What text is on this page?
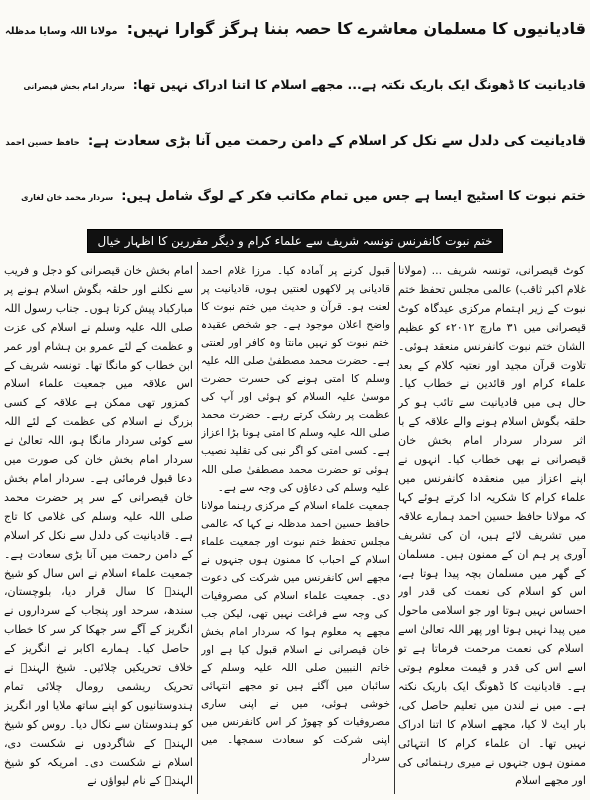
قادیانیوں کا مسلمان معاشرے کا حصہ بننا ہرگز گوارا نہیں: مولانا اللہ وسایا مدظلہ
قادیانیت کا ڈھونگ ایک باریک نکتہ ہے... مجھے اسلام کا اتنا ادراک نہیں تھا: سردار امام بخش قیصرانی
قادیانیت کی دلدل سے نکل کر اسلام کے دامن رحمت میں آنا بڑی سعادت ہے: حافظ حسین احمد
ختم نبوت کا اسٹیج ایسا ہے جس میں تمام مکاتب فکر کے لوگ شامل ہیں: سردار محمد خان لغاری
ختم نبوت کانفرنس تونسہ شریف سے علماء کرام و دیگر مقررین کا اظہار خیال
کوٹ قیصرانی، تونسہ شریف ... (مولاناغلام اکبر ثاقب) عالمی مجلس تحفظ ختم نبوت کے زیراہتمام مرکزی عیدگاہ کوٹ قیصرانی میں ۳۱ مارچ۲۰۱۲ء کو عظیم الشان ختم نبوت کانفرنس منعقد ہوئی۔تلاوت قرآن مجید اور نعتیہ کلام کے بعد علماء کراماور قائدین نے خطاب کیا۔ حال ہی میں قادیانیتسے تائب ہو کر حلقہ بگوش اسلام ہونے والے علاقہکے با اثر سردار سردار امام بخش خان قیصرانینے بھی خطاب کیا۔ انہوں نے اپنے اعزاز میںمنعقدہ کانفرنس میں علماء کرام کا شکریہ ادا کرتےہوئے کہا کہ مولانا حافظ حسین احمد ہمارے علاقہ میںتشریف لائے ہیں، ان کی تشریف آوری پر ہم انکے ممنون ہیں۔ مسلمان کے گھر میں مسلمان بچہ پیداہوتا ہے، اس کو اسلام کی نعمت کی قدر اور احساس نہیںہوتا اور جو اسلامی ماحول میں پیدا نہیں ہوتا اور پھراللہ تعالیٰ اسے اسلام کی نعمت مرحمت فرماتا ہے تواسے اس کی قدر و قیمت معلوم ہوتی ہے۔ قادیانیتکا ڈھونگ ایک باریک نکتہ ہے۔ میں نے لندن میںتعلیم حاصل کی، بار ایٹ لا کیا، مجھے اسلام کا اتناادراک نہیں تھا۔ ان علماء کرام کا انتہائی ممنونہوں جنہوں نے میری رہنمائی کی اور مجھے اسلام
قبول کرنے پر آمادہ کیا۔ مرزا غلام احمد قادیانی پرلاکھوں لعنتیں ہوں، قادیانیت پر لعنت ہو۔ قرآن وحدیث میں ختم نبوت کا واضح اعلان موجود ہے۔ جوشخص عقیدہ ختم نبوت کو نہیں مانتا وہ کافر اور لعنتیہے۔ حضرت محمد مصطفیٰ صلی اللہ علیہ وسلم کا امتی ہونےکی حسرت حضرت موسیٰ علیہ السلام کو ہوئی اور آپکی عظمت پر رشک کرتے رہے۔ حضرت محمد صلی اللہعلیہ وسلم کا امتی ہونا بڑا اعزاز ہے۔ کسی امتی کواگر نبی کی تقلید نصیب ہوئی تو حضرت محمد مصطفیٰ صلی اللہعلیہ وسلم کی دعاؤں کی وجہ سے ہے۔
جمعیت علماء اسلام کے مرکزی رہنما مولاناحافظ حسین احمد مدظلہ نے کہا کہ عالمی مجلس تحفظختم نبوت اور جمعیت علماء اسلام کے احباب کاممنون ہوں جنہوں نے مجھے اس کانفرنس میںشرکت کی دعوت دی۔ جمعیت علماء اسلام کیمصروفیات کی وجہ سے فراغت نہیں تھی، لیکن جبمجھے یہ معلوم ہوا کہ سردار امام بخش خان قیصرانینے اسلام قبول کیا ہے اور خاتم النبیین صلی اللہ علیہ وسلمکے سائبان میں آگئے ہیں تو مجھے انتہائی خوشی ہوئی،میں نے اپنی ساری مصروفیات کو چھوڑ کر اسکانفرنس میں اپنی شرکت کو سعادت سمجھا۔ میں سردار
امام بخش خان قیصرانی کو دجل و فریب سے نکلنے اورحلقہ بگوش اسلام ہونے پر مبارکباد پیش کرتا ہوں۔جناب رسول اللہ صلی اللہ علیہ وسلم نے اسلام کیعزت و عظمت کے لئے عمرو بن ہشام اور عمر ابنخطاب کو مانگا تھا۔ تونسہ شریف کے اس علاقہ میںجمعیت علماء اسلام کمزور تھی ممکن ہے علاقہ کے کسیبزرگ نے اسلام کی عظمت کے لئے اللہ سے کوئیسردار مانگا ہو، اللہ تعالیٰ نے سردار امام بخش خانکی صورت میں دعا قبول فرمائی ہے۔ سردار امام بخشخان قیصرانی کے سر پر حضرت محمد صلی اللہ علیہ وسلم کیغلامی کا تاج ہے۔ قادیانیت کی دلدل سے نکل کراسلام کے دامن رحمت میں آنا بڑی سعادتہے۔ جمعیت علماء اسلام نے اس سال کو شیخ الہندؒ کاسال قرار دیا، بلوچستان، سندھ، سرحد اور پنجابکے سرداروں نے انگریز کے آگے سر جھکا کر سر کاخطاب حاصل کیا۔ ہمارے اکابر نے انگریز کےخلاف تحریکیں چلائیں۔ شیخ الہندؒ نے تحریک ریشمیرومال چلائی تمام ہندوستانیوں کو اپنے ساتھ ملایااور انگریز کو ہندوستان سے نکال دیا۔ روس کو شیخالہندؒ کے شاگردوں نے شکست دی، اسلام نے شکستدی۔ امریکہ کو شیخ الہندؒ کے نام لیواؤں نے
